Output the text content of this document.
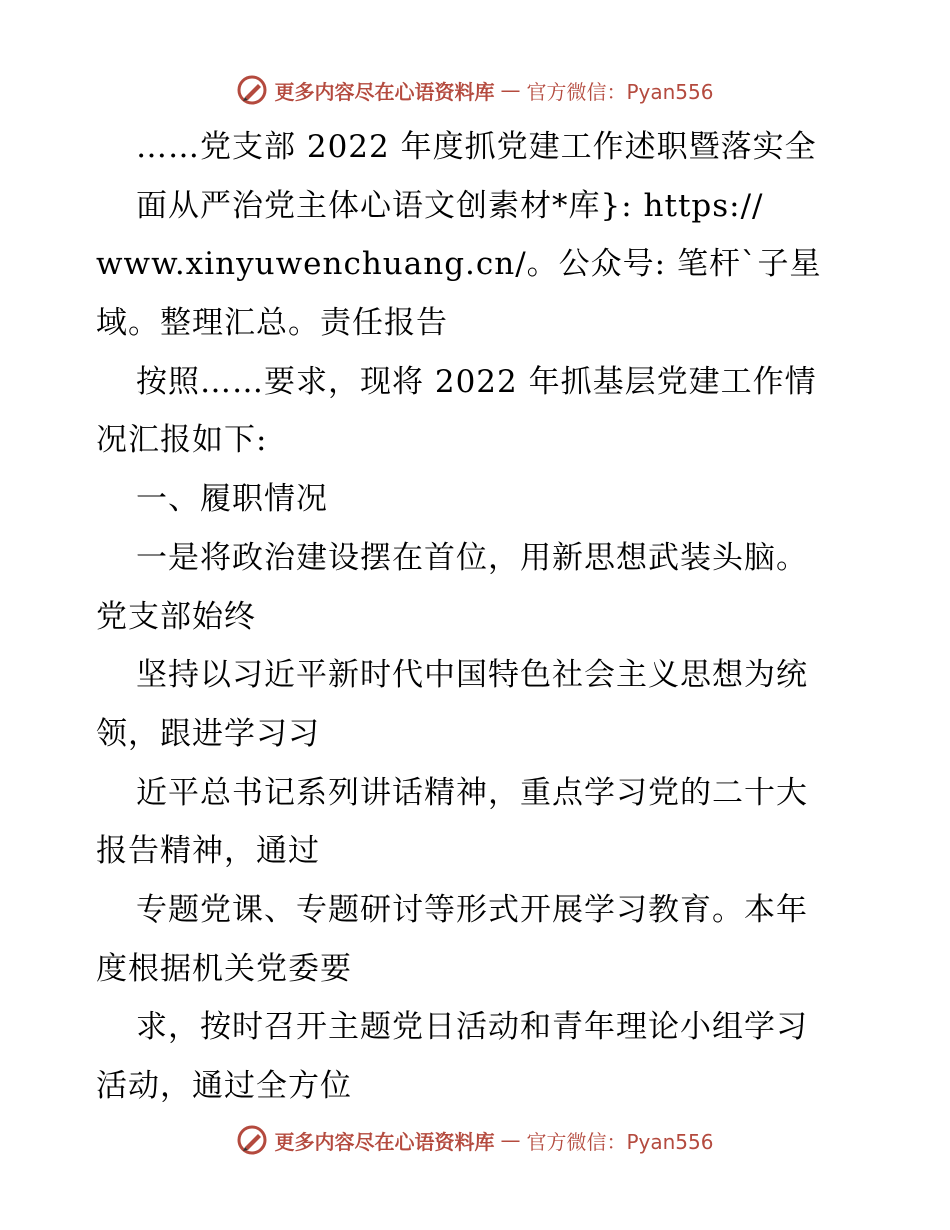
更多内容尽在心语资料库 — 官方微信：Pyan556
……党支部 2022 年度抓党建工作述职暨落实全
面从严治党主体心语文创素材*库}: https://
www.xinyuwenchuang.cn/。公众号: 笔杆`子星
域。整理汇总。责任报告
按照……要求，现将 2022 年抓基层党建工作情
况汇报如下:
一、履职情况
一是将政治建设摆在首位，用新思想武装头脑。
党支部始终
坚持以习近平新时代中国特色社会主义思想为统
领，跟进学习习
近平总书记系列讲话精神，重点学习党的二十大
报告精神，通过
专题党课、专题研讨等形式开展学习教育。本年
度根据机关党委要
求，按时召开主题党日活动和青年理论小组学习
活动，通过全方位
更多内容尽在心语资料库 — 官方微信：Pyan556
